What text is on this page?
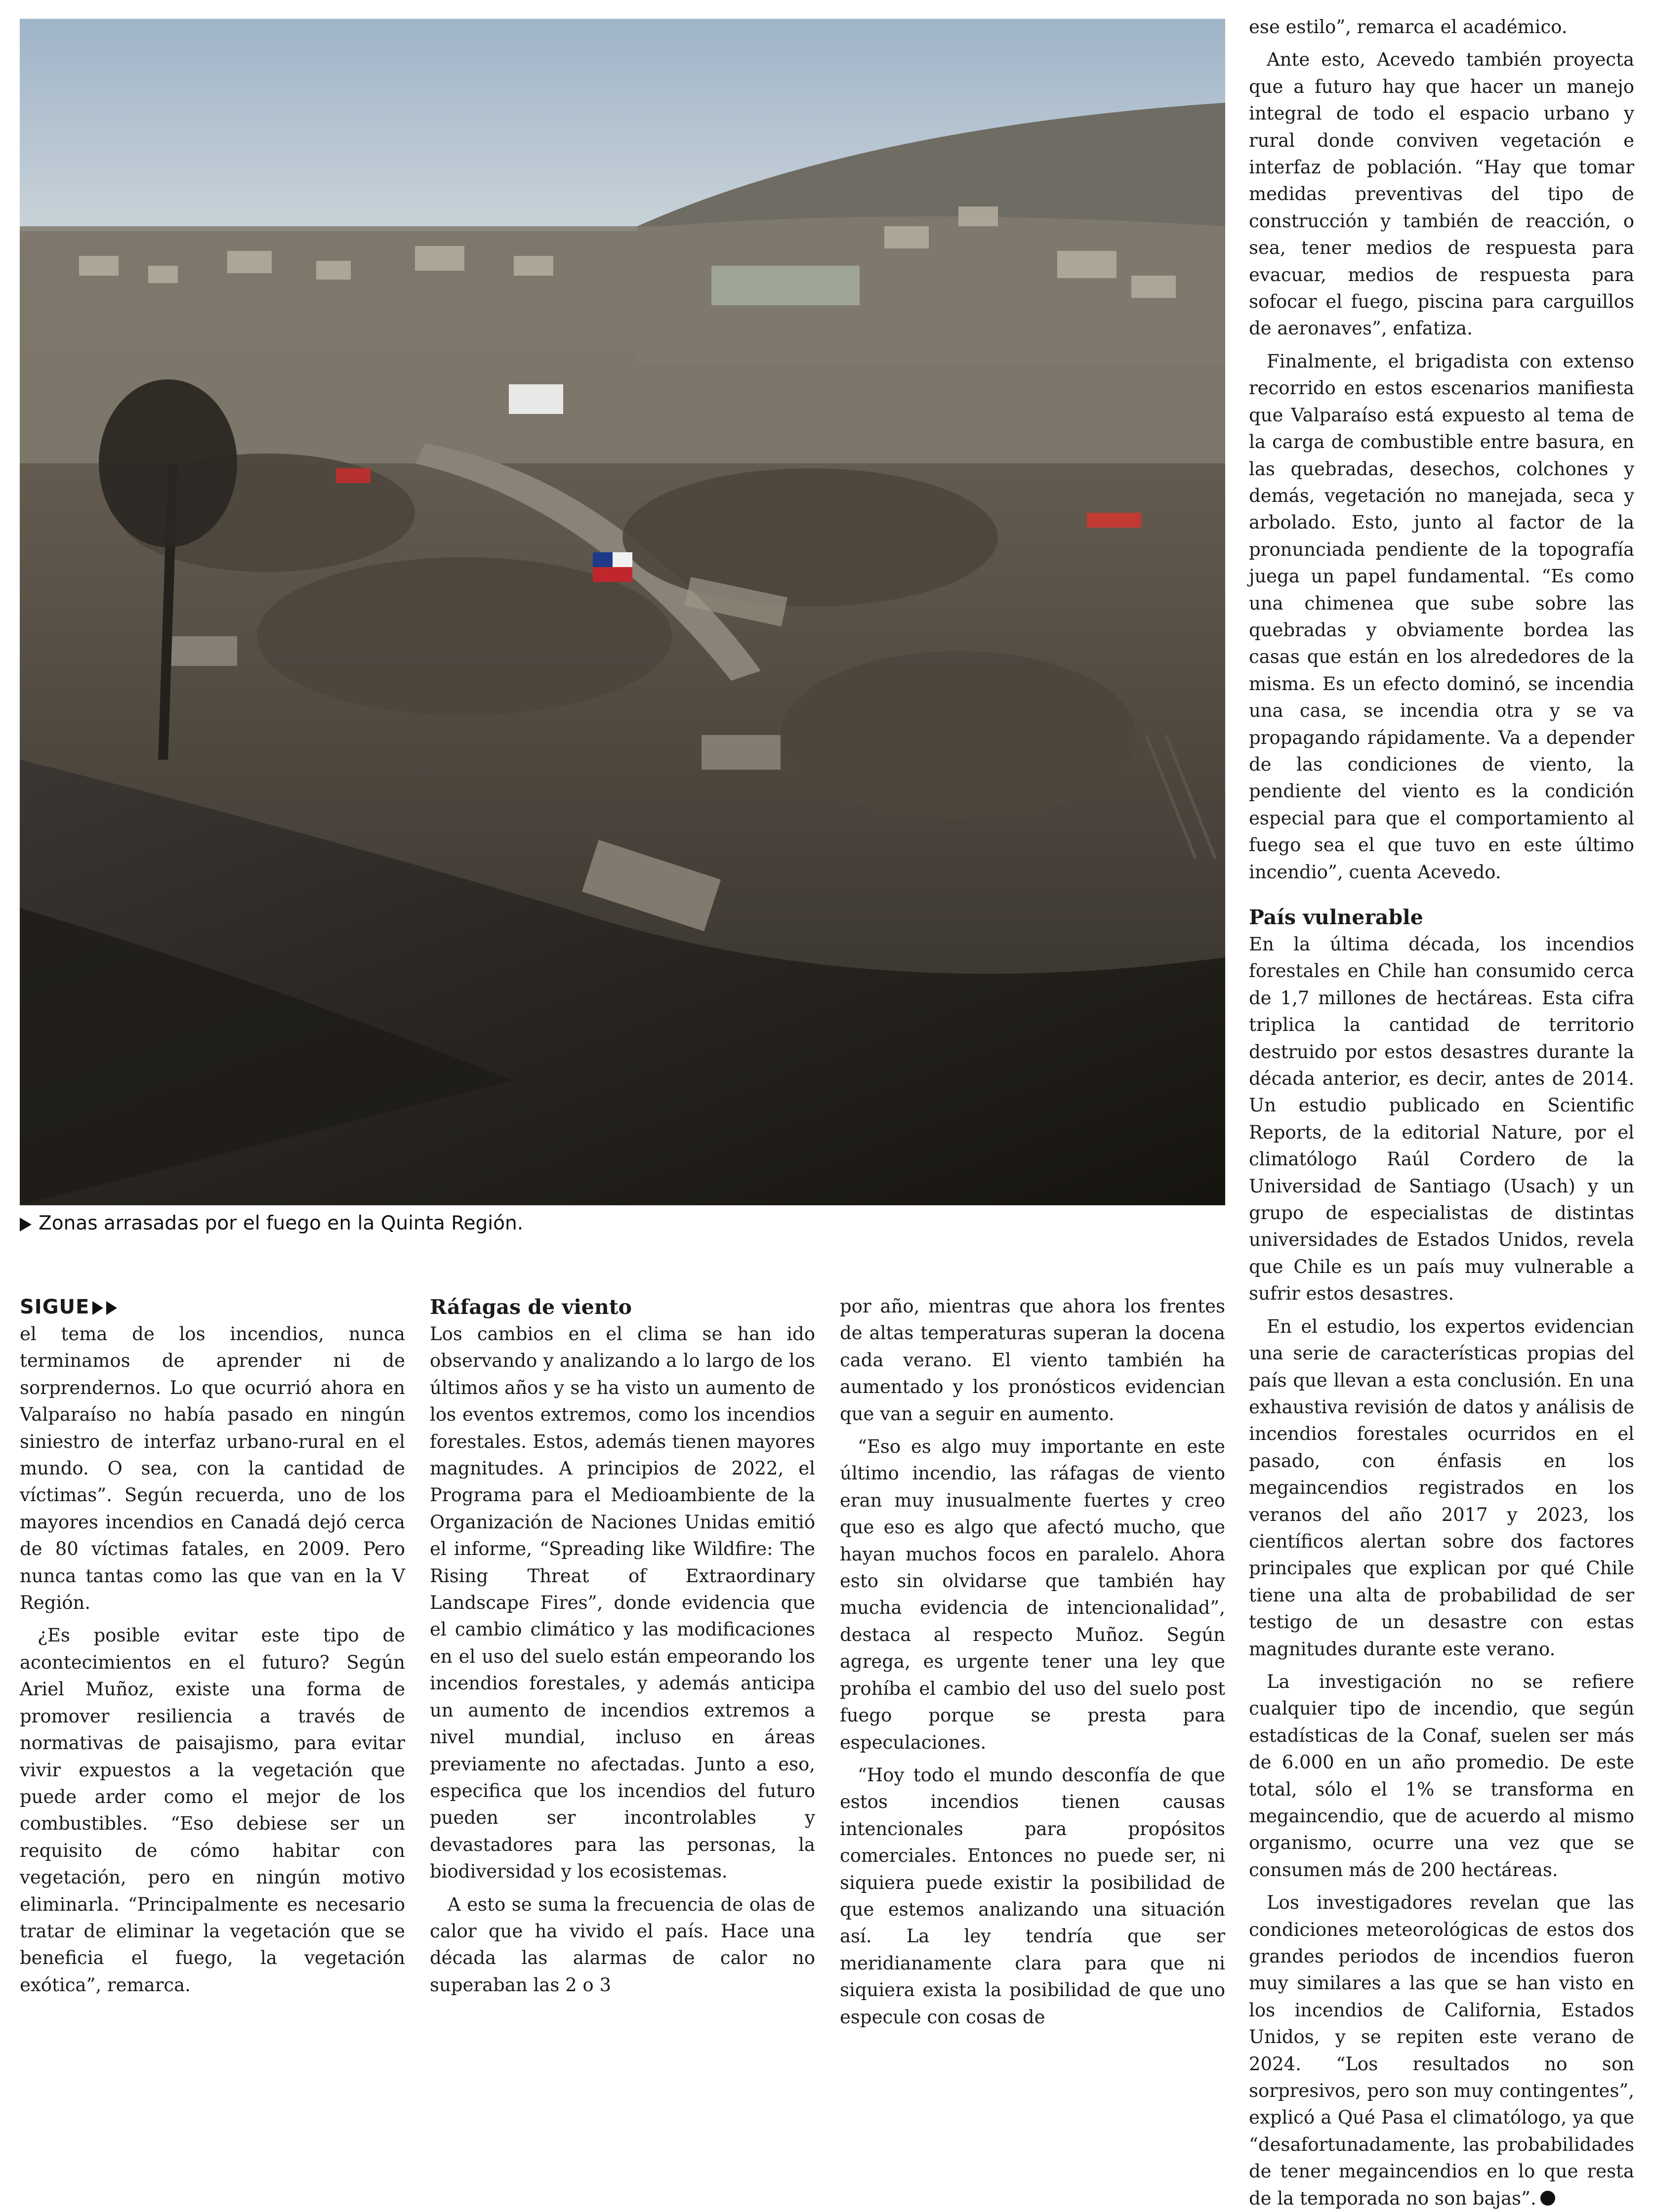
Zonas arrasadas por el fuego en la Quinta Región.
SIGUE

el tema de los incendios, nunca terminamos de aprender ni de sorprendernos. Lo que ocurrió ahora en Valparaíso no había pasado en ningún siniestro de interfaz urbano-rural en el mundo. O sea, con la cantidad de víctimas”. Según recuerda, uno de los mayores incendios en Canadá dejó cerca de 80 víctimas fatales, en 2009. Pero nunca tantas como las que van en la V Región.

¿Es posible evitar este tipo de acontecimientos en el futuro? Según Ariel Muñoz, existe una forma de promover resiliencia a través de normativas de paisajismo, para evitar vivir expuestos a la vegetación que puede arder como el mejor de los combustibles. “Eso debiese ser un requisito de cómo habitar con vegetación, pero en ningún motivo eliminarla. “Principalmente es necesario tratar de eliminar la vegetación que se beneficia el fuego, la vegetación exótica”, remarca.

Ráfagas de viento

Los cambios en el clima se han ido observando y analizando a lo largo de los últimos años y se ha visto un aumento de los eventos extremos, como los incendios forestales. Estos, además tienen mayores magnitudes. A principios de 2022, el Programa para el Medioambiente de la Organización de Naciones Unidas emitió el informe, “Spreading like Wildfire: The Rising Threat of Extraordinary Landscape Fires”, donde evidencia que el cambio climático y las modificaciones en el uso del suelo están empeorando los incendios forestales, y además anticipa un aumento de incendios extremos a nivel mundial, incluso en áreas previamente no afectadas. Junto a eso, especifica que los incendios del futuro pueden ser incontrolables y devastadores para las personas, la biodiversidad y los ecosistemas.

A esto se suma la frecuencia de olas de calor que ha vivido el país. Hace una década las alarmas de calor no superaban las 2 o 3

por año, mientras que ahora los frentes de altas temperaturas superan la docena cada verano. El viento también ha aumentado y los pronósticos evidencian que van a seguir en aumento.

“Eso es algo muy importante en este último incendio, las ráfagas de viento eran muy inusualmente fuertes y creo que eso es algo que afectó mucho, que hayan muchos focos en paralelo. Ahora esto sin olvidarse que también hay mucha evidencia de intencionalidad”, destaca al respecto Muñoz. Según agrega, es urgente tener una ley que prohíba el cambio del uso del suelo post fuego porque se presta para especulaciones.

“Hoy todo el mundo desconfía de que estos incendios tienen causas intencionales para propósitos comerciales. Entonces no puede ser, ni siquiera puede existir la posibilidad de que estemos analizando una situación así. La ley tendría que ser meridianamente clara para que ni siquiera exista la posibilidad de que uno especule con cosas de

ese estilo”, remarca el académico.

Ante esto, Acevedo también proyecta que a futuro hay que hacer un manejo integral de todo el espacio urbano y rural donde conviven vegetación e interfaz de población. “Hay que tomar medidas preventivas del tipo de construcción y también de reacción, o sea, tener medios de respuesta para evacuar, medios de respuesta para sofocar el fuego, piscina para carguillos de aeronaves”, enfatiza.

Finalmente, el brigadista con extenso recorrido en estos escenarios manifiesta que Valparaíso está expuesto al tema de la carga de combustible entre basura, en las quebradas, desechos, colchones y demás, vegetación no manejada, seca y arbolado. Esto, junto al factor de la pronunciada pendiente de la topografía juega un papel fundamental. “Es como una chimenea que sube sobre las quebradas y obviamente bordea las casas que están en los alrededores de la misma. Es un efecto dominó, se incendia una casa, se incendia otra y se va propagando rápidamente. Va a depender de las condiciones de viento, la pendiente del viento es la condición especial para que el comportamiento al fuego sea el que tuvo en este último incendio”, cuenta Acevedo.

País vulnerable

En la última década, los incendios forestales en Chile han consumido cerca de 1,7 millones de hectáreas. Esta cifra triplica la cantidad de territorio destruido por estos desastres durante la década anterior, es decir, antes de 2014. Un estudio publicado en Scientific Reports, de la editorial Nature, por el climatólogo Raúl Cordero de la Universidad de Santiago (Usach) y un grupo de especialistas de distintas universidades de Estados Unidos, revela que Chile es un país muy vulnerable a sufrir estos desastres.

En el estudio, los expertos evidencian una serie de características propias del país que llevan a esta conclusión. En una exhaustiva revisión de datos y análisis de incendios forestales ocurridos en el pasado, con énfasis en los megaincendios registrados en los veranos del año 2017 y 2023, los científicos alertan sobre dos factores principales que explican por qué Chile tiene una alta de probabilidad de ser testigo de un desastre con estas magnitudes durante este verano.

La investigación no se refiere cualquier tipo de incendio, que según estadísticas de la Conaf, suelen ser más de 6.000 en un año promedio. De este total, sólo el 1% se transforma en megaincendio, que de acuerdo al mismo organismo, ocurre una vez que se consumen más de 200 hectáreas.

Los investigadores revelan que las condiciones meteorológicas de estos dos grandes periodos de incendios fueron muy similares a las que se han visto en los incendios de California, Estados Unidos, y se repiten este verano de 2024. “Los resultados no son sorpresivos, pero son muy contingentes”, explicó a Qué Pasa el climatólogo, ya que “desafortunadamente, las probabilidades de tener megaincendios en lo que resta de la temporada no son bajas”.
